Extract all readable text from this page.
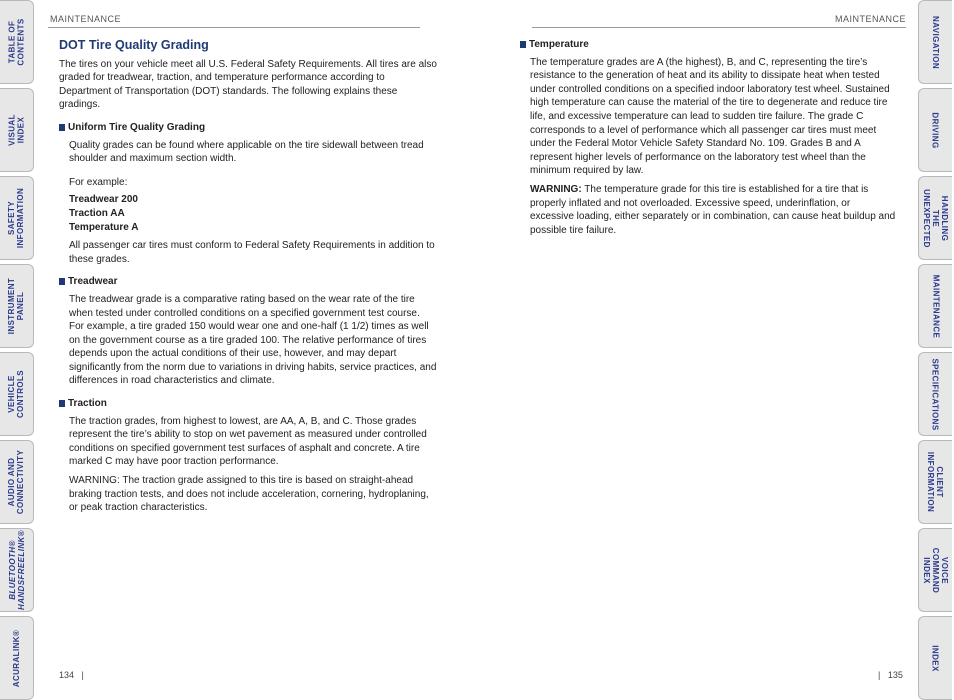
TABLE OF
CONTENTS
VISUAL INDEX
SAFETY
INFORMATION
INSTRUMENT
PANEL
VEHICLE
CONTROLS
AUDIO AND
CONNECTIVITY
BLUETOOTH®
HANDSFREELINK®
ACURALINK®
NAVIGATION
DRIVING
HANDLING THE
UNEXPECTED
MAINTENANCE
SPECIFICATIONS
CLIENT
INFORMATION
VOICE COMMAND
INDEX
INDEX
MAINTENANCE	MAINTENANCE
DOT Tire Quality Grading

The tires on your vehicle meet all U.S. Federal Safety Requirements. All tires are also graded for treadwear, traction, and temperature performance according to Department of Transportation (DOT) standards. The following explains these gradings.

Uniform Tire Quality Grading

Quality grades can be found where applicable on the tire sidewall between tread shoulder and maximum section width.

For example:

Treadwear 200

Traction AA

Temperature A

All passenger car tires must conform to Federal Safety Requirements in addition to these grades.

Treadwear

The treadwear grade is a comparative rating based on the wear rate of the tire when tested under controlled conditions on a specified government test course. For example, a tire graded 150 would wear one and one-half (1 1/2) times as well on the government course as a tire graded 100. The relative performance of tires depends upon the actual conditions of their use, however, and may depart significantly from the norm due to variations in driving habits, service practices, and differences in road characteristics and climate.

Traction

The traction grades, from highest to lowest, are AA, A, B, and C. Those grades represent the tire’s ability to stop on wet pavement as measured under controlled conditions on specified government test surfaces of asphalt and concrete. A tire marked C may have poor traction performance.

WARNING: The traction grade assigned to this tire is based on straight-ahead braking traction tests, and does not include acceleration, cornering, hydroplaning, or peak traction characteristics.

Temperature

The temperature grades are A (the highest), B, and C, representing the tire’s resistance to the generation of heat and its ability to dissipate heat when tested under controlled conditions on a specified indoor laboratory test wheel. Sustained high temperature can cause the material of the tire to degenerate and reduce tire life, and excessive temperature can lead to sudden tire failure. The grade C corresponds to a level of performance which all passenger car tires must meet under the Federal Motor Vehicle Safety Standard No. 109. Grades B and A represent higher levels of performance on the laboratory test wheel than the minimum required by law.

WARNING: The temperature grade for this tire is established for a tire that is properly inflated and not overloaded. Excessive speed, underinflation, or excessive loading, either separately or in combination, can cause heat buildup and possible tire failure.

134   |	|   135
